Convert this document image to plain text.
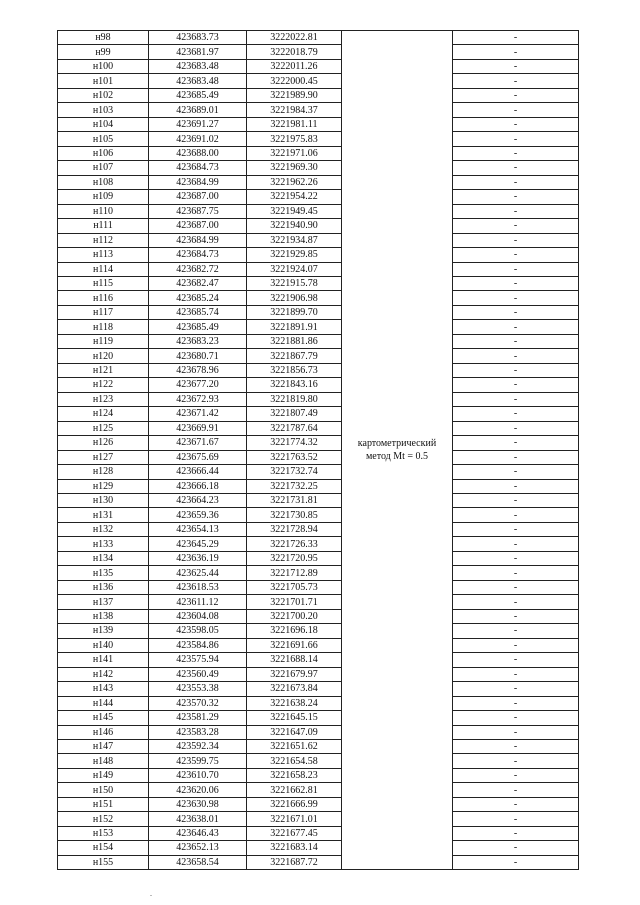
н98	423683.73	3222022.81	картометрический
метод Mt = 0.5	-
н99	423681.97	3222018.79		-
н100	423683.48	3222011.26		-
н101	423683.48	3222000.45		-
н102	423685.49	3221989.90		-
н103	423689.01	3221984.37		-
н104	423691.27	3221981.11		-
н105	423691.02	3221975.83		-
н106	423688.00	3221971.06		-
н107	423684.73	3221969.30		-
н108	423684.99	3221962.26		-
н109	423687.00	3221954.22		-
н110	423687.75	3221949.45		-
н111	423687.00	3221940.90		-
н112	423684.99	3221934.87		-
н113	423684.73	3221929.85		-
н114	423682.72	3221924.07		-
н115	423682.47	3221915.78		-
н116	423685.24	3221906.98		-
н117	423685.74	3221899.70		-
н118	423685.49	3221891.91		-
н119	423683.23	3221881.86		-
н120	423680.71	3221867.79		-
н121	423678.96	3221856.73		-
н122	423677.20	3221843.16		-
н123	423672.93	3221819.80		-
н124	423671.42	3221807.49		-
н125	423669.91	3221787.64		-
н126	423671.67	3221774.32		-
н127	423675.69	3221763.52		-
н128	423666.44	3221732.74		-
н129	423666.18	3221732.25		-
н130	423664.23	3221731.81		-
н131	423659.36	3221730.85		-
н132	423654.13	3221728.94		-
н133	423645.29	3221726.33		-
н134	423636.19	3221720.95		-
н135	423625.44	3221712.89		-
н136	423618.53	3221705.73		-
н137	423611.12	3221701.71		-
н138	423604.08	3221700.20		-
н139	423598.05	3221696.18		-
н140	423584.86	3221691.66		-
н141	423575.94	3221688.14		-
н142	423560.49	3221679.97		-
н143	423553.38	3221673.84		-
н144	423570.32	3221638.24		-
н145	423581.29	3221645.15		-
н146	423583.28	3221647.09		-
н147	423592.34	3221651.62		-
н148	423599.75	3221654.58		-
н149	423610.70	3221658.23		-
н150	423620.06	3221662.81		-
н151	423630.98	3221666.99		-
н152	423638.01	3221671.01		-
н153	423646.43	3221677.45		-
н154	423652.13	3221683.14		-
н155	423658.54	3221687.72		-
